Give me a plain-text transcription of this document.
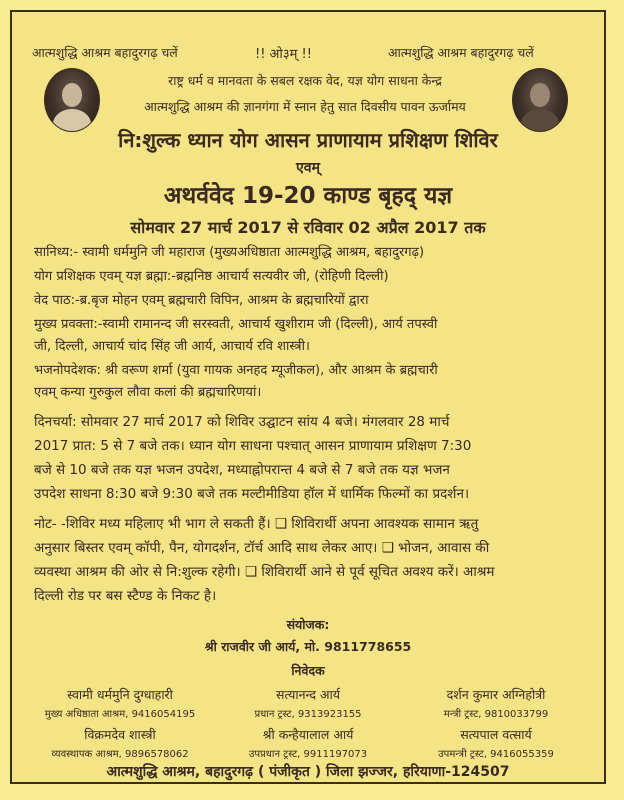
आत्मशुद्धि आश्रम बहादुरगढ़ चलें	!! ओ३म् !!	आत्मशुद्धि आश्रम बहादुरगढ़ चलें
राष्ट्र धर्म व मानवता के सबल रक्षक वेद, यज्ञ योग साधना केन्द्र
आत्मशुद्धि आश्रम की ज्ञानगंगा में स्नान हेतु सात दिवसीय पावन ऊर्जामय
नि:शुल्क ध्यान योग आसन प्राणायाम प्रशिक्षण शिविर
एवम्
अथर्ववेद 19-20 काण्ड बृहद् यज्ञ
सोमवार 27 मार्च 2017 से रविवार 02 अप्रैल 2017 तक
सानिध्य:- स्वामी धर्ममुनि जी महाराज (मुख्यअधिष्ठाता आत्मशुद्धि आश्रम, बहादुरगढ़)
योग प्रशिक्षक एवम् यज्ञ ब्रह्मा:-ब्रह्मनिष्ठ आचार्य सत्यवीर जी, (रोहिणी दिल्ली)
वेद पाठ:-ब्र.बृज मोहन एवम् ब्रह्मचारी विपिन, आश्रम के ब्रह्मचारियों द्वारा
मुख्य प्रवक्ता:-स्वामी रामानन्द जी सरस्वती, आचार्य खुशीराम जी (दिल्ली), आर्य तपस्वी
जी, दिल्ली, आचार्य चांद सिंह जी आर्य, आचार्य रवि शास्त्री।
भजनोपदेशक: श्री वरूण शर्मा (युवा गायक अनहद म्यूजीकल), और आश्रम के ब्रह्मचारी
एवम् कन्या गुरुकुल लौवा कलां की ब्रह्मचारिणयां।
दिनचर्या: सोमवार 27 मार्च 2017 को शिविर उद्घाटन सांय 4 बजे। मंगलवार 28 मार्च
2017 प्रात: 5 से 7 बजे तक। ध्यान योग साधना पश्चात् आसन प्राणायाम प्रशिक्षण 7:30
बजे से 10 बजे तक यज्ञ भजन उपदेश, मध्याह्नोपरान्त 4 बजे से 7 बजे तक यज्ञ भजन
उपदेश साधना 8:30 बजे 9:30 बजे तक मल्टीमीडिया हॉल में धार्मिक फिल्मों का प्रदर्शन।
नोट- -शिविर मध्य महिलाए भी भाग ले सकती हैं। ❑ शिविरार्थी अपना आवश्यक सामान ऋतु
अनुसार बिस्तर एवम् कॉपी, पैन, योगदर्शन, टॉर्च आदि साथ लेकर आए। ❑ भोजन, आवास की
व्यवस्था आश्रम की ओर से नि:शुल्क रहेगी। ❑ शिविरार्थी आने से पूर्व सूचित अवश्य करें। आश्रम
दिल्ली रोड पर बस स्टैण्ड के निकट है।
संयोजक:
श्री राजवीर जी आर्य, मो. 9811778655
निवेदक
स्वामी धर्ममुनि दुग्धाहारी
मुख्य अधिष्ठाता आश्रम, 9416054195
सत्यानन्द आर्य
प्रधान ट्रस्ट, 9313923155
दर्शन कुमार अग्निहोत्री
मन्त्री ट्रस्ट, 9810033799
विक्रमदेव शास्त्री
व्यवस्थापक आश्रम, 9896578062
श्री कन्हैयालाल आर्य
उपप्रधान ट्रस्ट, 9911197073
सत्यपाल वत्सार्य
उपमन्त्री ट्रस्ट, 9416055359
आत्मशुद्धि आश्रम, बहादुरगढ़ ( पंजीकृत ) जिला झज्जर, हरियाणा-124507
